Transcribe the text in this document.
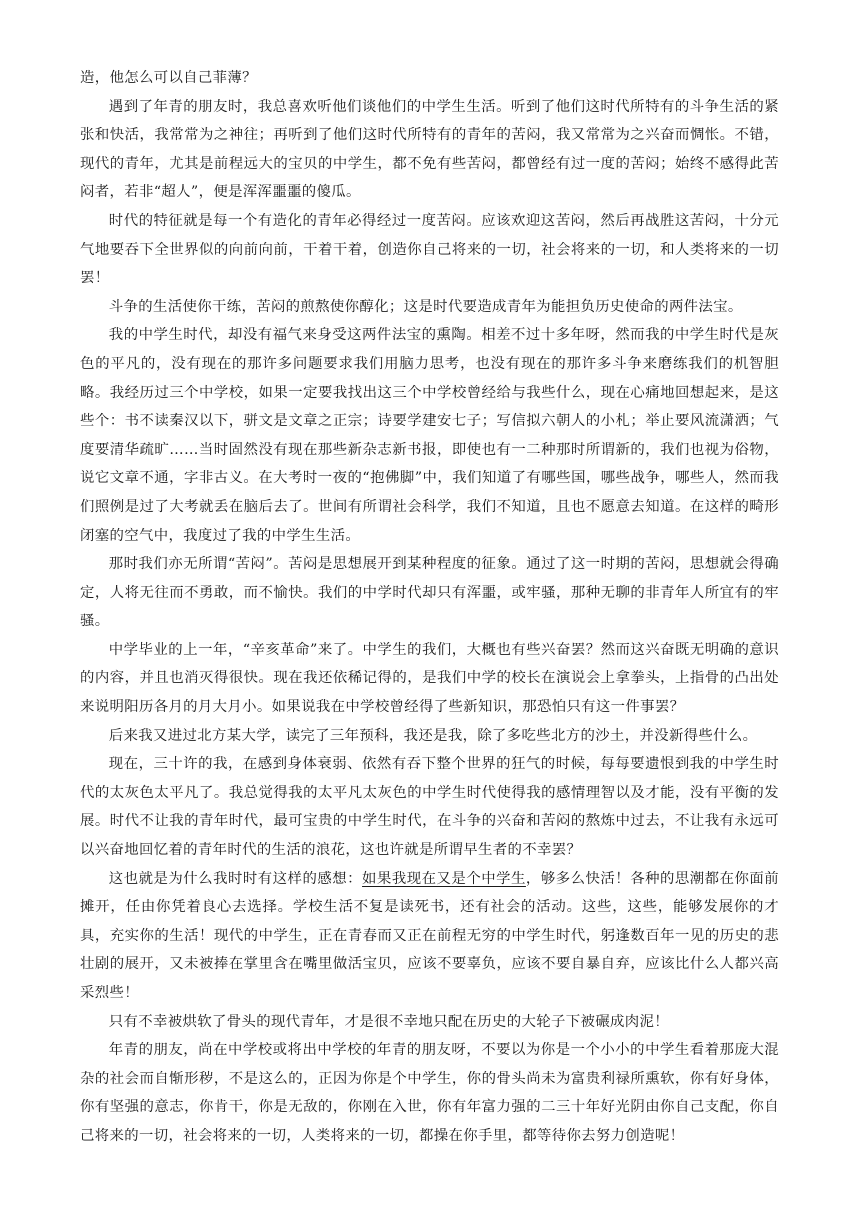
造，他怎么可以自己菲薄？

遇到了年青的朋友时，我总喜欢听他们谈他们的中学生生活。听到了他们这时代所特有的斗争生活的紧张和快活，我常常为之神往；再听到了他们这时代所特有的青年的苦闷，我又常常为之兴奋而惆怅。不错，现代的青年，尤其是前程远大的宝贝的中学生，都不免有些苦闷，都曾经有过一度的苦闷；始终不感得此苦闷者，若非“超人”，便是浑浑噩噩的傻瓜。

时代的特征就是每一个有造化的青年必得经过一度苦闷。应该欢迎这苦闷，然后再战胜这苦闷，十分元气地要吞下全世界似的向前向前，干着干着，创造你自己将来的一切，社会将来的一切，和人类将来的一切罢！

斗争的生活使你干练，苦闷的煎熬使你醇化；这是时代要造成青年为能担负历史使命的两件法宝。

我的中学生时代，却没有福气来身受这两件法宝的熏陶。相差不过十多年呀，然而我的中学生时代是灰色的平凡的，没有现在的那许多问题要求我们用脑力思考，也没有现在的那许多斗争来磨练我们的机智胆略。我经历过三个中学校，如果一定要我找出这三个中学校曾经给与我些什么，现在心痛地回想起来，是这些个：书不读秦汉以下，骈文是文章之正宗；诗要学建安七子；写信拟六朝人的小札；举止要风流潇洒；气度要清华疏旷……当时固然没有现在那些新杂志新书报，即使也有一二种那时所谓新的，我们也视为俗物，说它文章不通，字非古义。在大考时一夜的“抱佛脚”中，我们知道了有哪些国，哪些战争，哪些人，然而我们照例是过了大考就丢在脑后去了。世间有所谓社会科学，我们不知道，且也不愿意去知道。在这样的畸形闭塞的空气中，我度过了我的中学生生活。

那时我们亦无所谓“苦闷”。苦闷是思想展开到某种程度的征象。通过了这一时期的苦闷，思想就会得确定，人将无往而不勇敢，而不愉快。我们的中学时代却只有浑噩，或牢骚，那种无聊的非青年人所宜有的牢骚。

中学毕业的上一年，“辛亥革命”来了。中学生的我们，大概也有些兴奋罢？然而这兴奋既无明确的意识的内容，并且也消灭得很快。现在我还依稀记得的，是我们中学的校长在演说会上拿拳头，上指骨的凸出处来说明阳历各月的月大月小。如果说我在中学校曾经得了些新知识，那恐怕只有这一件事罢？

后来我又进过北方某大学，读完了三年预科，我还是我，除了多吃些北方的沙土，并没新得些什么。

现在，三十许的我，在感到身体衰弱、依然有吞下整个世界的狂气的时候，每每要遗恨到我的中学生时代的太灰色太平凡了。我总觉得我的太平凡太灰色的中学生时代使得我的感情理智以及才能，没有平衡的发展。时代不让我的青年时代，最可宝贵的中学生时代，在斗争的兴奋和苦闷的熬炼中过去，不让我有永远可以兴奋地回忆着的青年时代的生活的浪花，这也许就是所谓早生者的不幸罢？

这也就是为什么我时时有这样的感想：如果我现在又是个中学生，够多么快活！各种的思潮都在你面前摊开，任由你凭着良心去选择。学校生活不复是读死书，还有社会的活动。这些，这些，能够发展你的才具，充实你的生活！现代的中学生，正在青春而又正在前程无穷的中学生时代，躬逢数百年一见的历史的悲壮剧的展开，又未被捧在掌里含在嘴里做活宝贝，应该不要辜负，应该不要自暴自弃，应该比什么人都兴高采烈些！

只有不幸被烘软了骨头的现代青年，才是很不幸地只配在历史的大轮子下被碾成肉泥！

年青的朋友，尚在中学校或将出中学校的年青的朋友呀，不要以为你是一个小小的中学生看着那庞大混杂的社会而自惭形秽，不是这么的，正因为你是个中学生，你的骨头尚未为富贵利禄所熏软，你有好身体，你有坚强的意志，你肯干，你是无敌的，你刚在入世，你有年富力强的二三十年好光阴由你自己支配，你自己将来的一切，社会将来的一切，人类将来的一切，都操在你手里，都等待你去努力创造呢！
